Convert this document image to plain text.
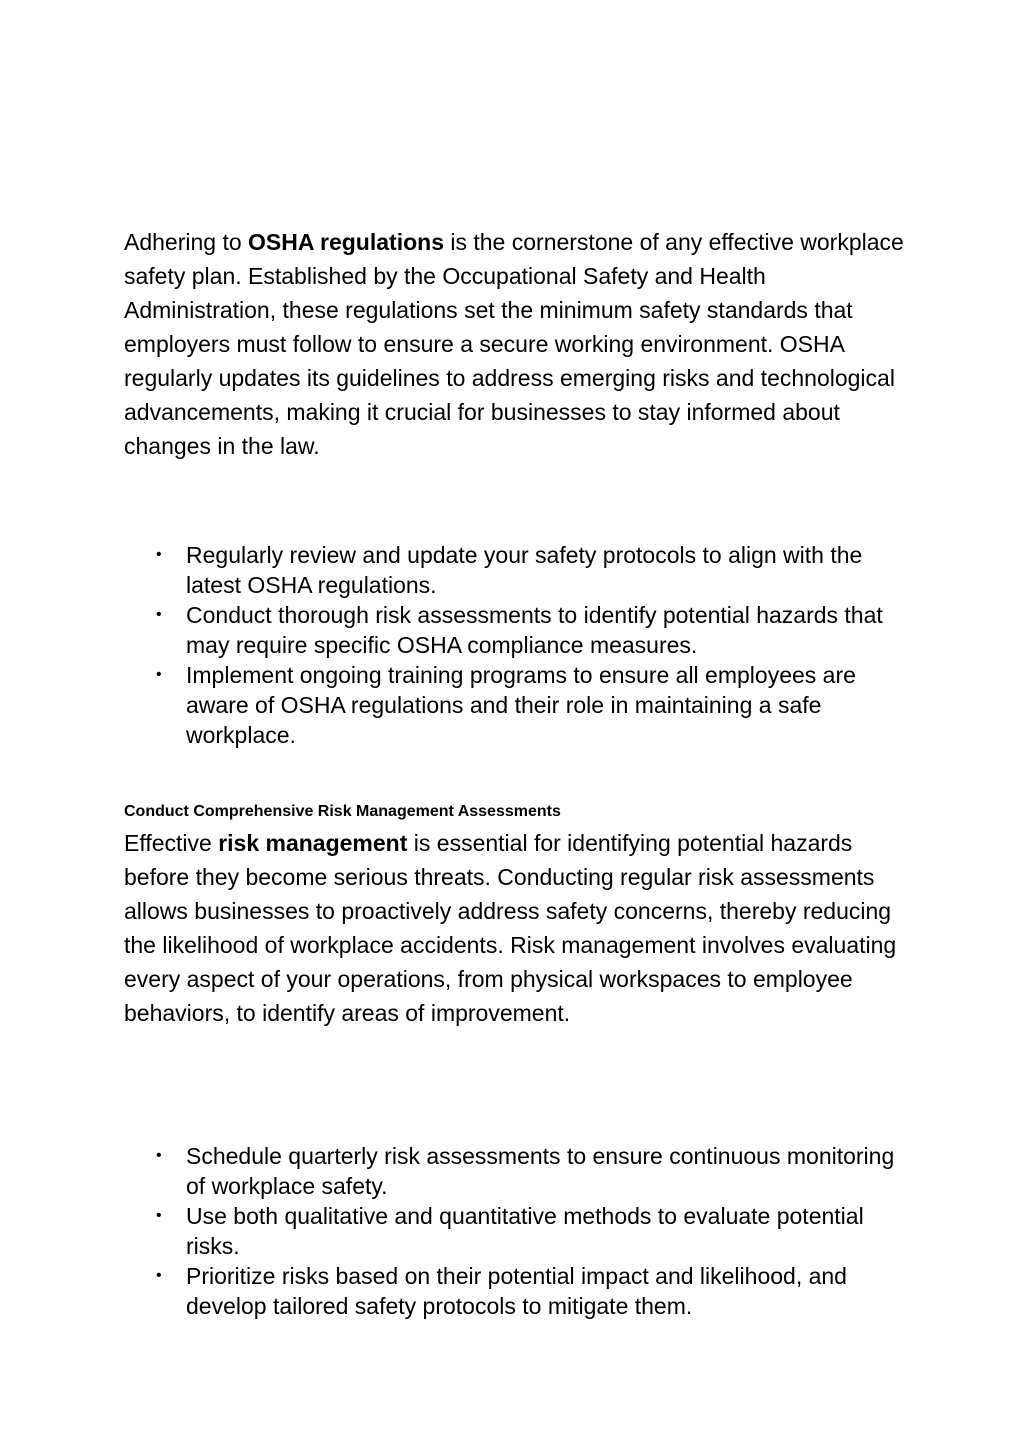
Adhering to OSHA regulations is the cornerstone of any effective workplace safety plan. Established by the Occupational Safety and Health Administration, these regulations set the minimum safety standards that employers must follow to ensure a secure working environment. OSHA regularly updates its guidelines to address emerging risks and technological advancements, making it crucial for businesses to stay informed about changes in the law.

• Regularly review and update your safety protocols to align with the latest OSHA regulations.
• Conduct thorough risk assessments to identify potential hazards that may require specific OSHA compliance measures.
• Implement ongoing training programs to ensure all employees are aware of OSHA regulations and their role in maintaining a safe workplace.
Conduct Comprehensive Risk Management Assessments

Effective risk management is essential for identifying potential hazards before they become serious threats. Conducting regular risk assessments allows businesses to proactively address safety concerns, thereby reducing the likelihood of workplace accidents. Risk management involves evaluating every aspect of your operations, from physical workspaces to employee behaviors, to identify areas of improvement.

• Schedule quarterly risk assessments to ensure continuous monitoring of workplace safety.
• Use both qualitative and quantitative methods to evaluate potential risks.
• Prioritize risks based on their potential impact and likelihood, and develop tailored safety protocols to mitigate them.
